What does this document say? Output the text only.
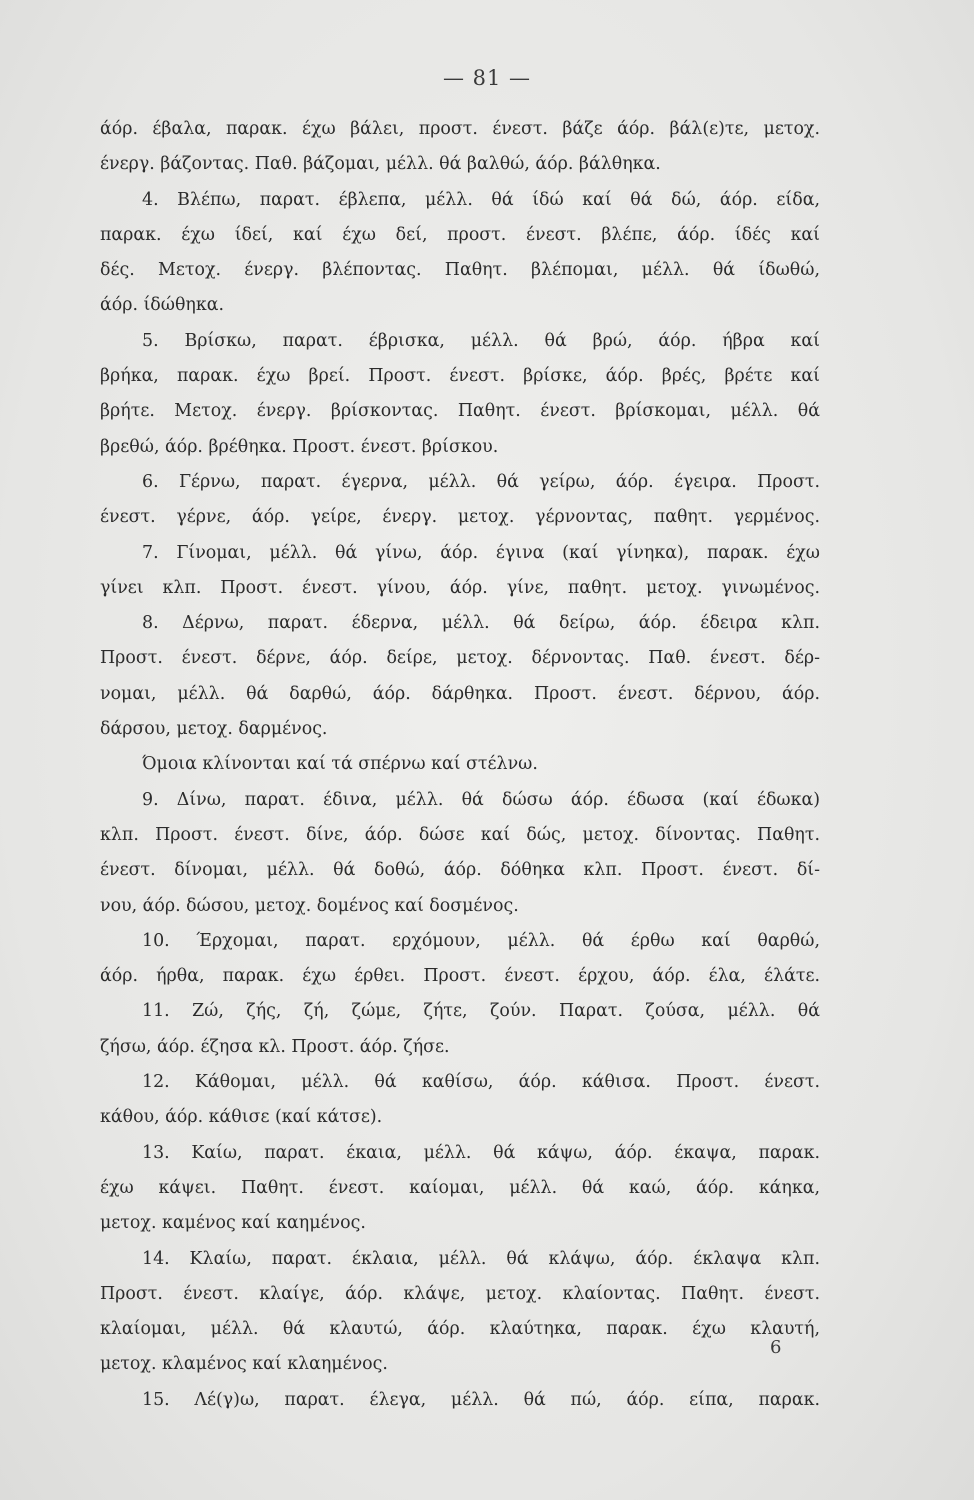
— 81 —
άόρ. έβαλα, παρακ. έχω βάλει, προστ. ένεστ. βάζε άόρ. βάλ(ε)τε, μετοχ.
ένεργ. βάζοντας. Παθ. βάζομαι, μέλλ. θά βαλθώ, άόρ. βάλθηκα.
4. Βλέπω, παρατ. έβλεπα, μέλλ. θά ίδώ καί θά δώ, άόρ. είδα,
παρακ. έχω ίδεί, καί έχω δεί, προστ. ένεστ. βλέπε, άόρ. ίδές καί
δές. Μετοχ. ένεργ. βλέποντας. Παθητ. βλέπομαι, μέλλ. θά ίδωθώ,
άόρ. ίδώθηκα.
5. Βρίσκω, παρατ. έβρισκα, μέλλ. θά βρώ, άόρ. ήβρα καί
βρήκα, παρακ. έχω βρεί. Προστ. ένεστ. βρίσκε, άόρ. βρές, βρέτε καί
βρήτε. Μετοχ. ένεργ. βρίσκοντας. Παθητ. ένεστ. βρίσκομαι, μέλλ. θά
βρεθώ, άόρ. βρέθηκα. Προστ. ένεστ. βρίσκου.
6. Γέρνω, παρατ. έγερνα, μέλλ. θά γείρω, άόρ. έγειρα. Προστ.
ένεστ. γέρνε, άόρ. γείρε, ένεργ. μετοχ. γέρνοντας, παθητ. γερμένος.
7. Γίνομαι, μέλλ. θά γίνω, άόρ. έγινα (καί γίνηκα), παρακ. έχω
γίνει κλπ. Προστ. ένεστ. γίνου, άόρ. γίνε, παθητ. μετοχ. γινωμένος.
8. Δέρνω, παρατ. έδερνα, μέλλ. θά δείρω, άόρ. έδειρα κλπ.
Προστ. ένεστ. δέρνε, άόρ. δείρε, μετοχ. δέρνοντας. Παθ. ένεστ. δέρ-
νομαι, μέλλ. θά δαρθώ, άόρ. δάρθηκα. Προστ. ένεστ. δέρνου, άόρ.
δάρσου, μετοχ. δαρμένος.
Όμοια κλίνονται καί τά σπέρνω καί στέλνω.
9. Δίνω, παρατ. έδινα, μέλλ. θά δώσω άόρ. έδωσα (καί έδωκα)
κλπ. Προστ. ένεστ. δίνε, άόρ. δώσε καί δώς, μετοχ. δίνοντας. Παθητ.
ένεστ. δίνομαι, μέλλ. θά δοθώ, άόρ. δόθηκα κλπ. Προστ. ένεστ. δί-
νου, άόρ. δώσου, μετοχ. δομένος καί δοσμένος.
10. Έρχομαι, παρατ. ερχόμουν, μέλλ. θά έρθω καί θαρθώ,
άόρ. ήρθα, παρακ. έχω έρθει. Προστ. ένεστ. έρχου, άόρ. έλα, έλάτε.
11. Ζώ, ζής, ζή, ζώμε, ζήτε, ζούν. Παρατ. ζούσα, μέλλ. θά
ζήσω, άόρ. έζησα κλ. Προστ. άόρ. ζήσε.
12. Κάθομαι, μέλλ. θά καθίσω, άόρ. κάθισα. Προστ. ένεστ.
κάθου, άόρ. κάθισε (καί κάτσε).
13. Καίω, παρατ. έκαια, μέλλ. θά κάψω, άόρ. έκαψα, παρακ.
έχω κάψει. Παθητ. ένεστ. καίομαι, μέλλ. θά καώ, άόρ. κάηκα,
μετοχ. καμένος καί καημένος.
14. Κλαίω, παρατ. έκλαια, μέλλ. θά κλάψω, άόρ. έκλαψα κλπ.
Προστ. ένεστ. κλαίγε, άόρ. κλάψε, μετοχ. κλαίοντας. Παθητ. ένεστ.
κλαίομαι, μέλλ. θά κλαυτώ, άόρ. κλαύτηκα, παρακ. έχω κλαυτή,
μετοχ. κλαμένος καί κλαημένος.
15. Λέ(γ)ω, παρατ. έλεγα, μέλλ. θά πώ, άόρ. είπα, παρακ.
6
